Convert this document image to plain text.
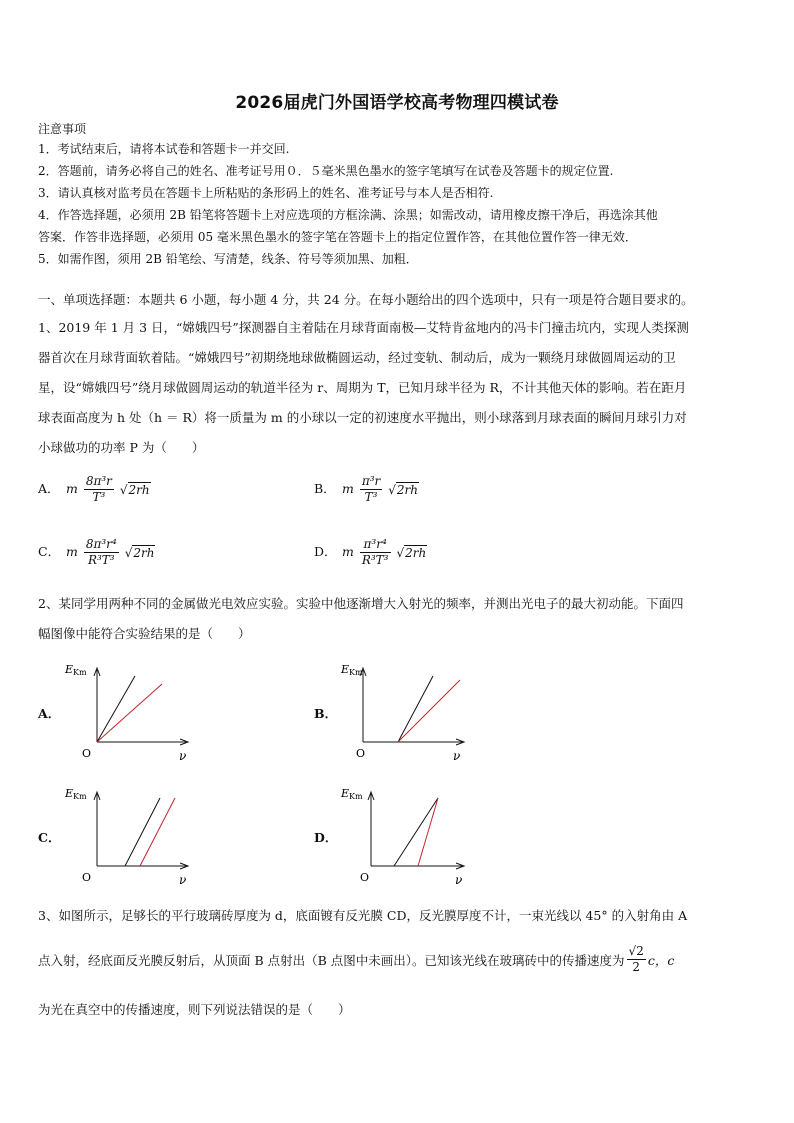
2026届虎门外国语学校高考物理四模试卷
注意事项
1．考试结束后，请将本试卷和答题卡一并交回.
2．答题前，请务必将自己的姓名、准考证号用０．５毫米黑色墨水的签字笔填写在试卷及答题卡的规定位置.
3．请认真核对监考员在答题卡上所粘贴的条形码上的姓名、准考证号与本人是否相符.
4．作答选择题，必须用 2B 铅笔将答题卡上对应选项的方框涂满、涂黑；如需改动，请用橡皮擦干净后，再选涂其他
答案．作答非选择题，必须用 05 毫米黑色墨水的签字笔在答题卡上的指定位置作答，在其他位置作答一律无效．
5．如需作图，须用 2B 铅笔绘、写清楚，线条、符号等须加黑、加粗．
一、单项选择题：本题共 6 小题，每小题 4 分，共 24 分。在每小题给出的四个选项中，只有一项是符合题目要求的。
1、2019 年 1 月 3 日，“嫦娥四号”探测器自主着陆在月球背面南极—艾特肯盆地内的冯卡门撞击坑内，实现人类探测
器首次在月球背面软着陆。“嫦娥四号”初期绕地球做椭圆运动，经过变轨、制动后，成为一颗绕月球做圆周运动的卫
星，设“嫦娥四号”绕月球做圆周运动的轨道半径为 r、周期为 T，已知月球半径为 R，不计其他天体的影响。若在距月
球表面高度为 h 处（h ＝ R）将一质量为 m 的小球以一定的初速度水平抛出，则小球落到月球表面的瞬间月球引力对
小球做功的功率 P 为（　　）
A． m $\frac{\text{8π³r}}{\text{T³}} √2rh$	B． m $\frac{\text{π³r}}{\text{T³}} √2rh$
C． m $\frac{\text{8π³r⁴}}{\text{R³T³}} √2rh$	D． m $\frac{\text{π³r⁴}}{\text{R³T³}} √2rh$
2、某同学用两种不同的金属做光电效应实验。实验中他逐渐增大入射光的频率，并测出光电子的最大初动能。下面四
幅图像中能符合实验结果的是（　　）
A．
E Km
O	ν
B．
E Km
O	ν
C．
E Km
O	ν
D．
E Km
O	ν
3、如图所示，足够长的平行玻璃砖厚度为 d，底面镀有反光膜 CD，反光膜厚度不计，一束光线以 45° 的入射角由 A
点入射，经底面反光膜反射后，从顶面 B 点射出（B 点图中未画出）。已知该光线在玻璃砖中的传播速度为 $\frac{√2}{2}$ c，c
为光在真空中的传播速度，则下列说法错误的是（　　）
